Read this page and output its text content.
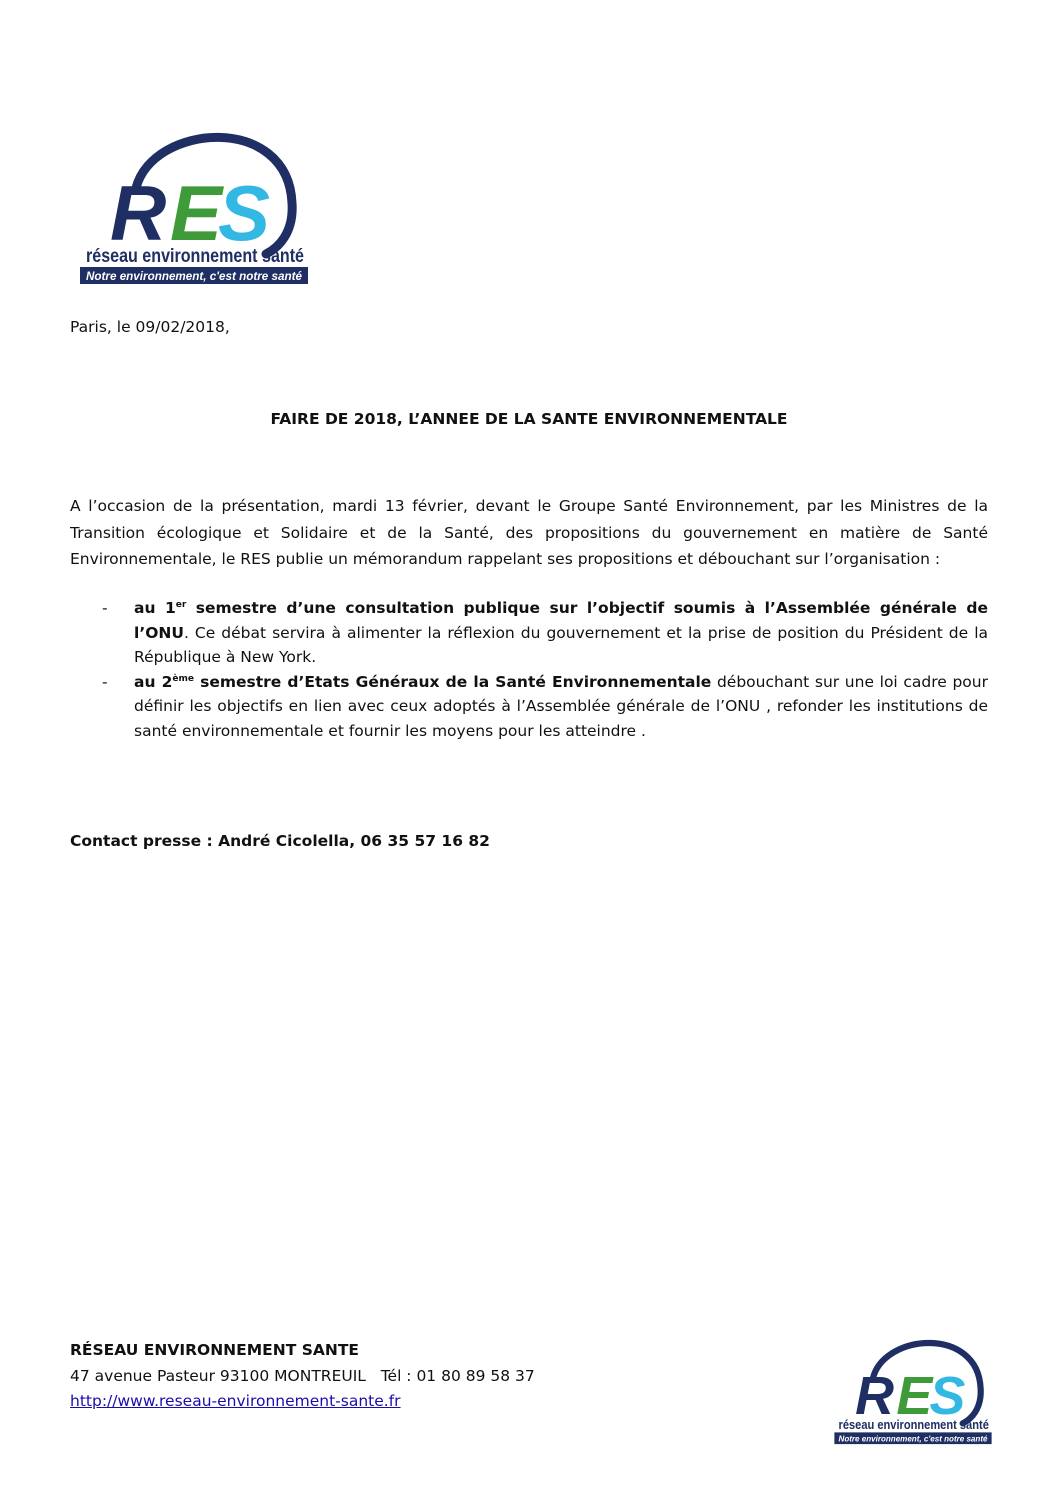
R E
S
réseau environnement santé
Notre environnement, c'est notre santé
Paris, le 09/02/2018,
FAIRE DE 2018, L’ANNEE DE LA SANTE ENVIRONNEMENTALE

A l’occasion de la présentation, mardi 13 février, devant le Groupe Santé Environnement, par les Ministres de la Transition écologique et Solidaire et de la Santé, des propositions du gouvernement en matière de Santé Environnementale, le RES publie un mémorandum rappelant ses propositions et débouchant sur l’organisation :

- au 1er semestre d’une consultation publique sur l’objectif soumis à l’Assemblée générale de l’ONU. Ce débat servira à alimenter la réflexion du gouvernement et la prise de position du Président de la République à New York.
- au 2ème semestre d’Etats Généraux de la Santé Environnementale débouchant sur une loi cadre pour définir les objectifs en lien avec ceux adoptés à l’Assemblée générale de l’ONU , refonder les institutions de santé environnementale et fournir les moyens pour les atteindre .
Contact presse : André Cicolella, 06 35 57 16 82
RÉSEAU ENVIRONNEMENT SANTE
47 avenue Pasteur 93100 MONTREUIL   Tél : 01 80 89 58 37
http://www.reseau-environnement-sante.fr	R E
S
réseau environnement santé
Notre environnement, c'est notre santé
